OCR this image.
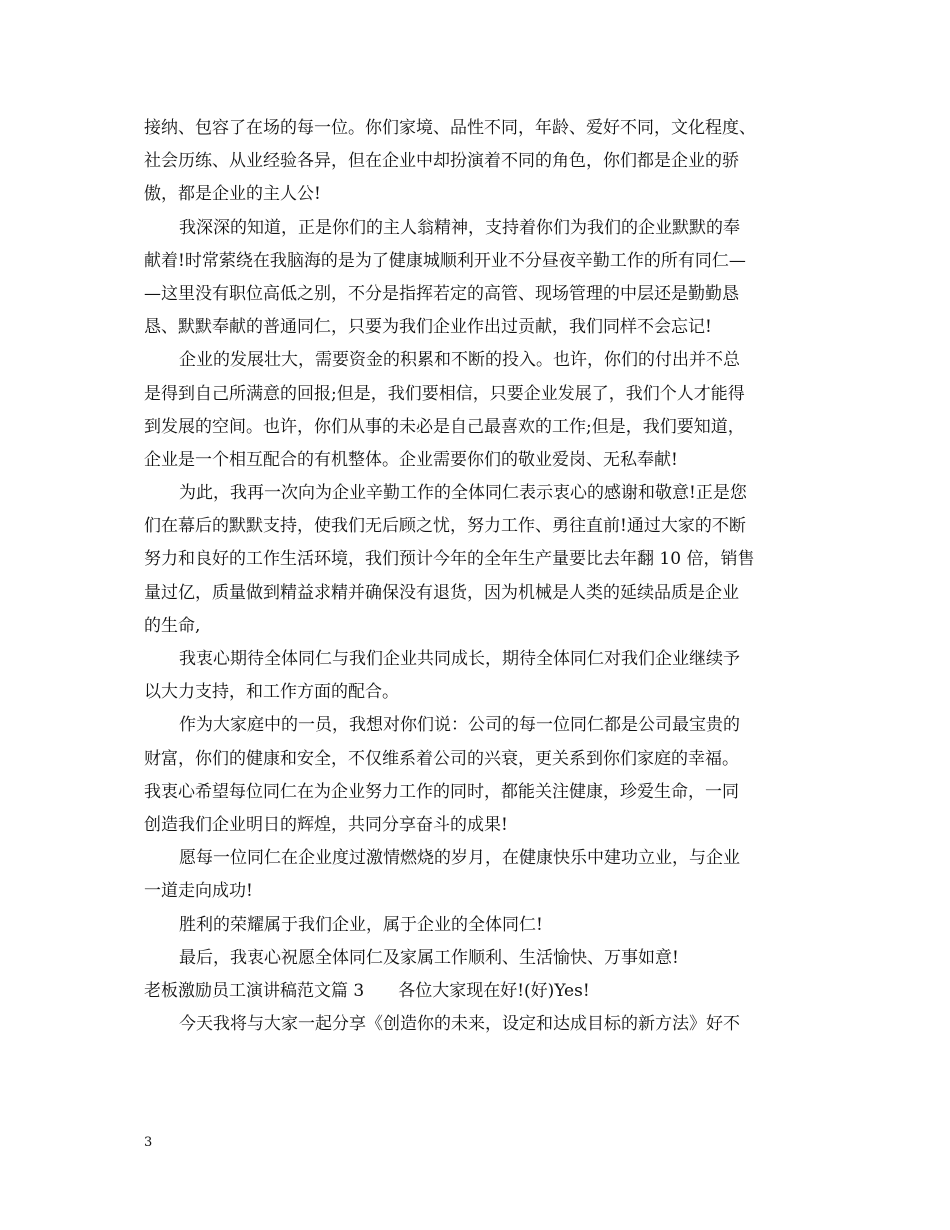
接纳、包容了在场的每一位。你们家境、品性不同，年龄、爱好不同，文化程度、
社会历练、从业经验各异，但在企业中却扮演着不同的角色，你们都是企业的骄
傲，都是企业的主人公!
我深深的知道，正是你们的主人翁精神，支持着你们为我们的企业默默的奉
献着!时常萦绕在我脑海的是为了健康城顺利开业不分昼夜辛勤工作的所有同仁—
—这里没有职位高低之别，不分是指挥若定的高管、现场管理的中层还是勤勤恳
恳、默默奉献的普通同仁，只要为我们企业作出过贡献，我们同样不会忘记!
企业的发展壮大，需要资金的积累和不断的投入。也许，你们的付出并不总
是得到自己所满意的回报;但是，我们要相信，只要企业发展了，我们个人才能得
到发展的空间。也许，你们从事的未必是自己最喜欢的工作;但是，我们要知道，
企业是一个相互配合的有机整体。企业需要你们的敬业爱岗、无私奉献!
为此，我再一次向为企业辛勤工作的全体同仁表示衷心的感谢和敬意!正是您
们在幕后的默默支持，使我们无后顾之忧，努力工作、勇往直前!通过大家的不断
努力和良好的工作生活环境，我们预计今年的全年生产量要比去年翻 10 倍，销售
量过亿，质量做到精益求精并确保没有退货，因为机械是人类的延续品质是企业
的生命,
我衷心期待全体同仁与我们企业共同成长，期待全体同仁对我们企业继续予
以大力支持，和工作方面的配合。
作为大家庭中的一员，我想对你们说：公司的每一位同仁都是公司最宝贵的
财富，你们的健康和安全，不仅维系着公司的兴衰，更关系到你们家庭的幸福。
我衷心希望每位同仁在为企业努力工作的同时，都能关注健康，珍爱生命，一同
创造我们企业明日的辉煌，共同分享奋斗的成果!
愿每一位同仁在企业度过激情燃烧的岁月，在健康快乐中建功立业，与企业
一道走向成功!
胜利的荣耀属于我们企业，属于企业的全体同仁!
最后，我衷心祝愿全体同仁及家属工作顺利、生活愉快、万事如意!
老板激励员工演讲稿范文篇 3　　各位大家现在好!(好)Yes!
今天我将与大家一起分享《创造你的未来，设定和达成目标的新方法》好不
3
